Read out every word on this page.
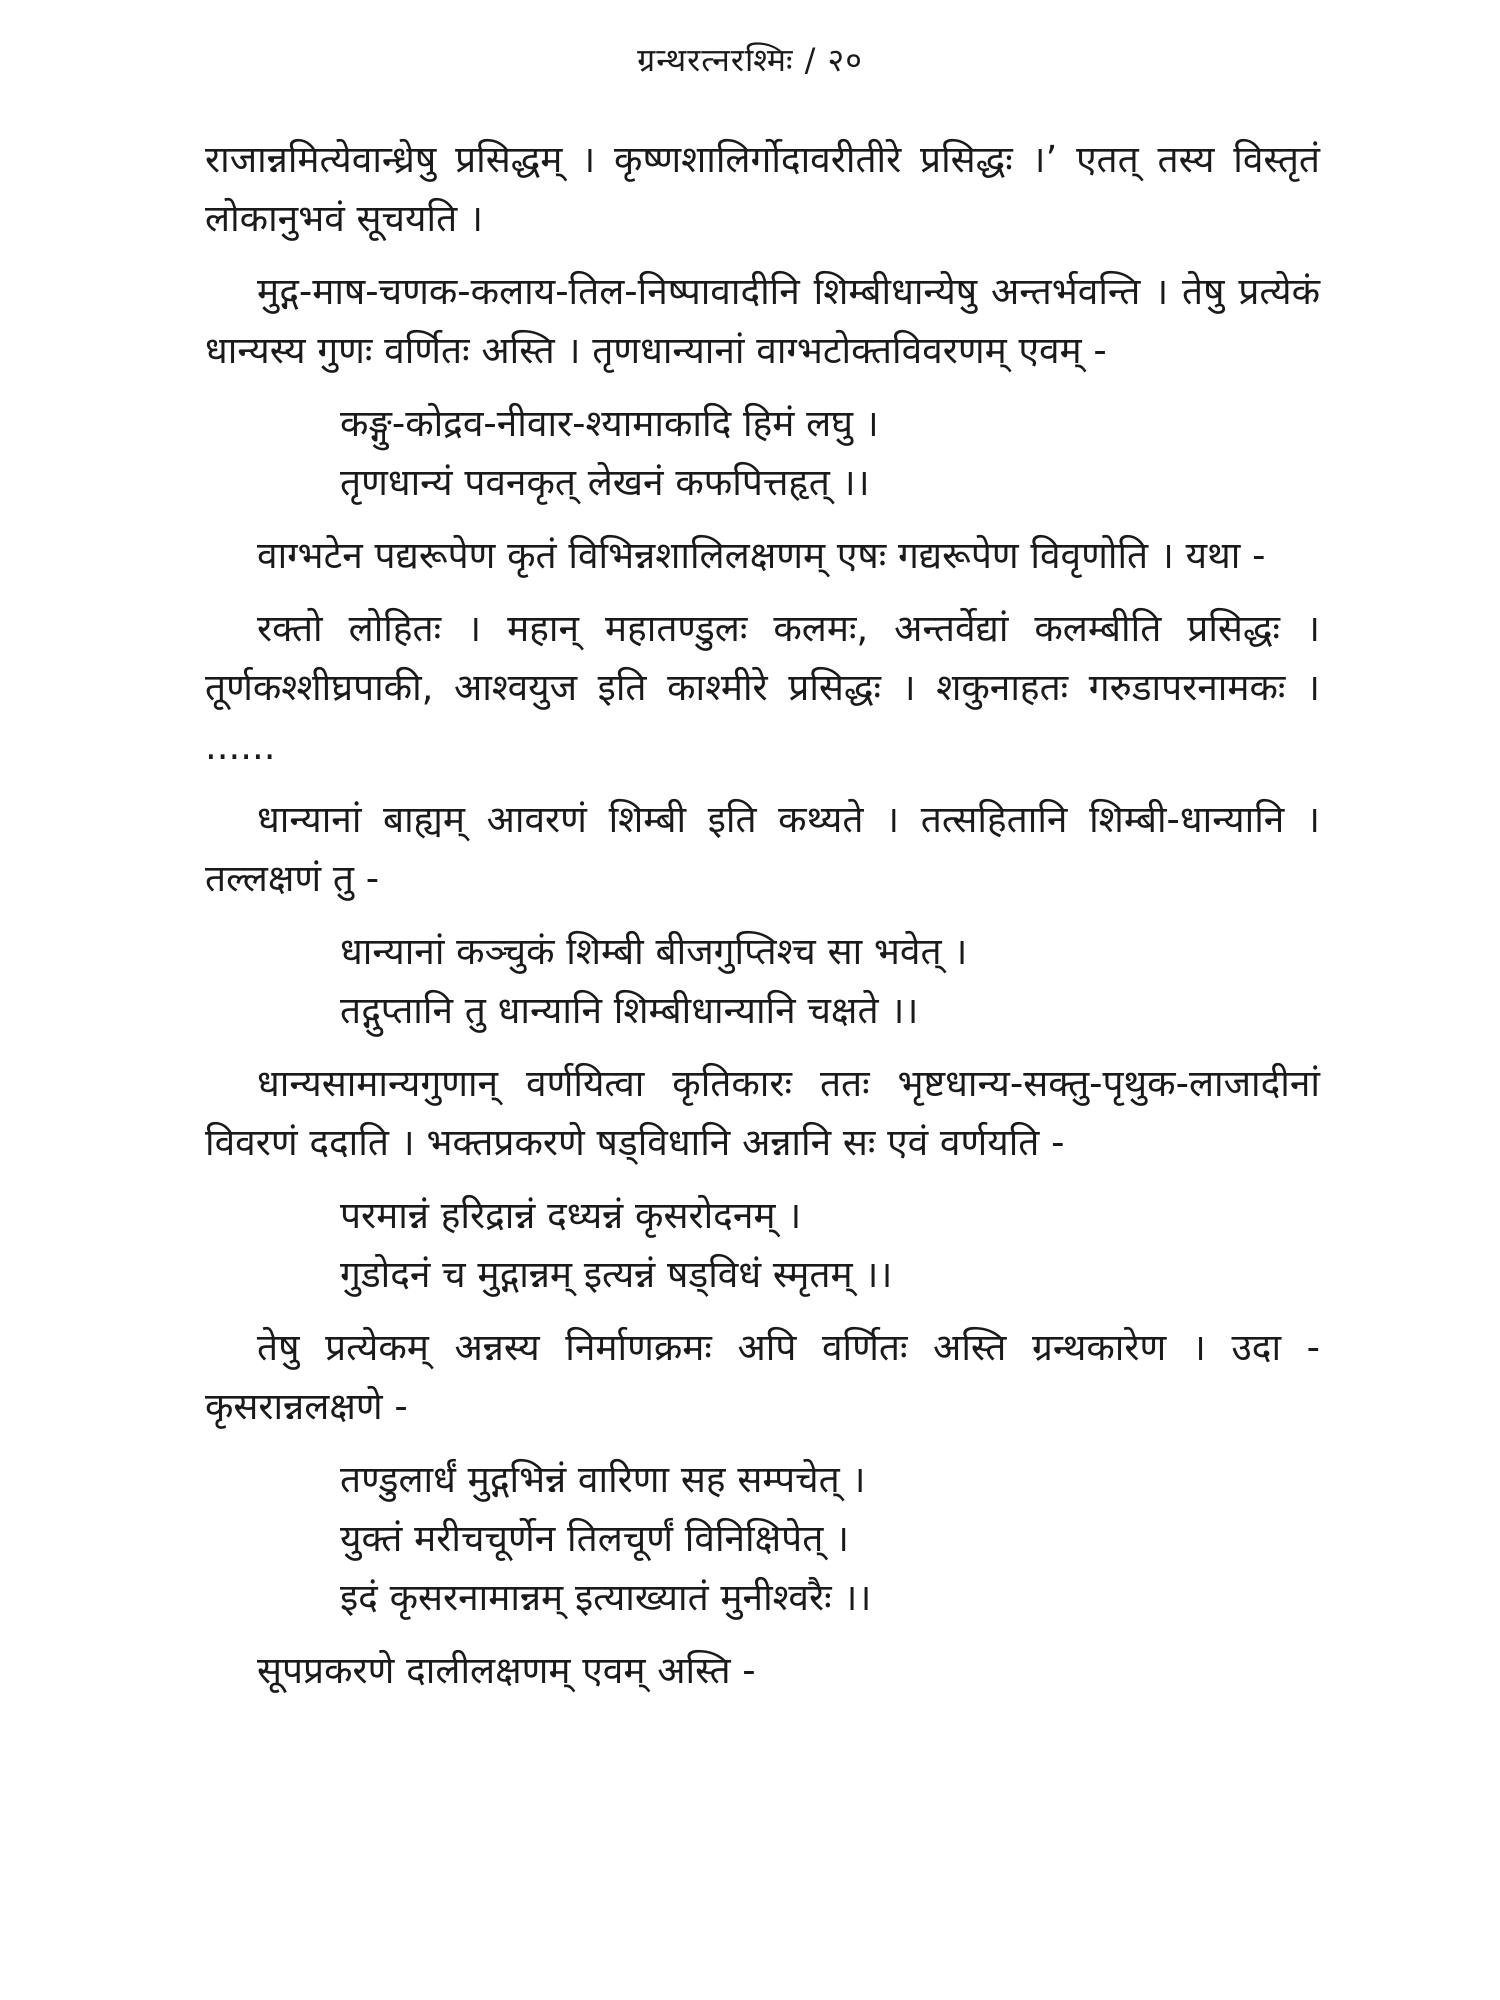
ग्रन्थरत्नरश्मिः / २०

राजान्नमित्येवान्ध्रेषु प्रसिद्धम् । कृष्णशालिर्गोदावरीतीरे प्रसिद्धः ।’ एतत् तस्य विस्तृतं लोकानुभवं सूचयति ।

मुद्ग-माष-चणक-कलाय-तिल-निष्पावादीनि शिम्बीधान्येषु अन्तर्भवन्ति । तेषु प्रत्येकं धान्यस्य गुणः वर्णितः अस्ति । तृणधान्यानां वाग्भटोक्तविवरणम् एवम् -

कङ्गु-कोद्रव-नीवार-श्यामाकादि हिमं लघु ।
तृणधान्यं पवनकृत् लेखनं कफपित्तहृत् ।।

वाग्भटेन पद्यरूपेण कृतं विभिन्नशालिलक्षणम् एषः गद्यरूपेण विवृणोति । यथा -

रक्तो लोहितः । महान् महातण्डुलः कलमः, अन्तर्वेद्यां कलम्बीति प्रसिद्धः । तूर्णकश्शीघ्रपाकी, आश्वयुज इति काश्मीरे प्रसिद्धः । शकुनाहतः गरुडापरनामकः । ......

धान्यानां बाह्यम् आवरणं शिम्बी इति कथ्यते । तत्सहितानि शिम्बी-धान्यानि । तल्लक्षणं तु -

धान्यानां कञ्चुकं शिम्बी बीजगुप्तिश्च सा भवेत् ।
तद्गुप्तानि तु धान्यानि शिम्बीधान्यानि चक्षते ।।

धान्यसामान्यगुणान् वर्णयित्वा कृतिकारः ततः भृष्टधान्य-सक्तु-पृथुक-लाजादीनां विवरणं ददाति । भक्तप्रकरणे षड्विधानि अन्नानि सः एवं वर्णयति -

परमान्नं हरिद्रान्नं दध्यन्नं कृसरोदनम् ।
गुडोदनं च मुद्गान्नम् इत्यन्नं षड्विधं स्मृतम् ।।

तेषु प्रत्येकम् अन्नस्य निर्माणक्रमः अपि वर्णितः अस्ति ग्रन्थकारेण । उदा - कृसरान्नलक्षणे -

तण्डुलार्धं मुद्गभिन्नं वारिणा सह सम्पचेत् ।
युक्तं मरीचचूर्णेन तिलचूर्णं विनिक्षिपेत् ।
इदं कृसरनामान्नम् इत्याख्यातं मुनीश्वरैः ।।

सूपप्रकरणे दालीलक्षणम् एवम् अस्ति -
